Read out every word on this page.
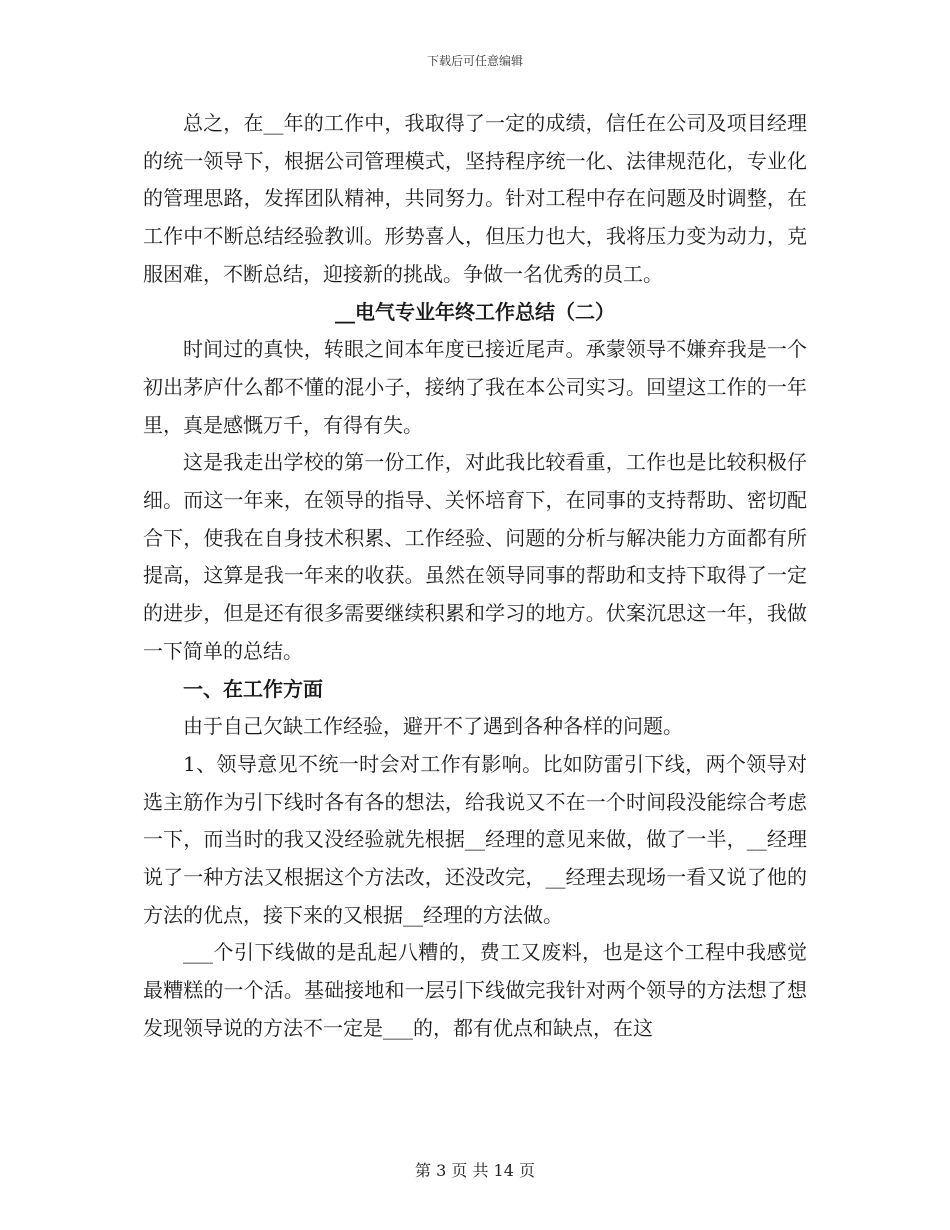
下载后可任意编辑

总之，在__年的工作中，我取得了一定的成绩，信任在公司及项目经理的统一领导下，根据公司管理模式，坚持程序统一化、法律规范化，专业化的管理思路，发挥团队精神，共同努力。针对工程中存在问题及时调整，在工作中不断总结经验教训。形势喜人，但压力也大，我将压力变为动力，克服困难，不断总结，迎接新的挑战。争做一名优秀的员工。

__电气专业年终工作总结（二）

时间过的真快，转眼之间本年度已接近尾声。承蒙领导不嫌弃我是一个初出茅庐什么都不懂的混小子，接纳了我在本公司实习。回望这工作的一年里，真是感慨万千，有得有失。

这是我走出学校的第一份工作，对此我比较看重，工作也是比较积极仔细。而这一年来，在领导的指导、关怀培育下，在同事的支持帮助、密切配合下，使我在自身技术积累、工作经验、问题的分析与解决能力方面都有所提高，这算是我一年来的收获。虽然在领导同事的帮助和支持下取得了一定的进步，但是还有很多需要继续积累和学习的地方。伏案沉思这一年，我做一下简单的总结。

一、在工作方面

由于自己欠缺工作经验，避开不了遇到各种各样的问题。

1、领导意见不统一时会对工作有影响。比如防雷引下线，两个领导对选主筋作为引下线时各有各的想法，给我说又不在一个时间段没能综合考虑一下，而当时的我又没经验就先根据__经理的意见来做，做了一半，__经理说了一种方法又根据这个方法改，还没改完，__经理去现场一看又说了他的方法的优点，接下来的又根据__经理的方法做。

___个引下线做的是乱起八糟的，费工又废料，也是这个工程中我感觉最糟糕的一个活。基础接地和一层引下线做完我针对两个领导的方法想了想发现领导说的方法不一定是___的，都有优点和缺点，在这

第 3 页 共 14 页
